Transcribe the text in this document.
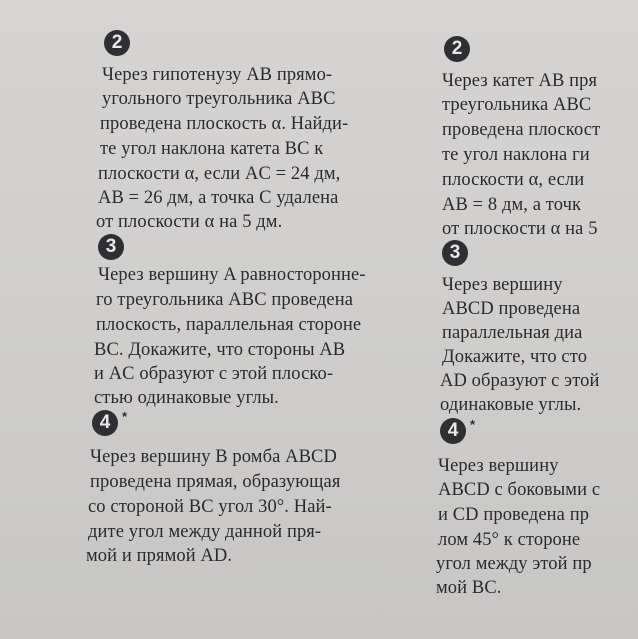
2
Через гипотенузу AB прямо-
угольного треугольника ABC
проведена плоскость α. Найди-
те угол наклона катета BC к
плоскости α, если AC = 24 дм,
AB = 26 дм, а точка C удалена
от плоскости α на 5 дм.
3
Через вершину A равносторонне-
го треугольника ABC проведена
плоскость, параллельная стороне
BC. Докажите, что стороны AB
и AC образуют с этой плоско-
стью одинаковые углы.
4 *
Через вершину B ромба ABCD
проведена прямая, образующая
со стороной BC угол 30°. Най-
дите угол между данной пря-
мой и прямой AD.
2
Через катет AB пря
треугольника ABC
проведена плоскост
те угол наклона ги
плоскости α, если
AB = 8 дм, а точк
от плоскости α на 5
3
Через вершину
ABCD проведена
параллельная диа
Докажите, что сто
AD образуют с этой
одинаковые углы.
4 *
Через вершину
ABCD с боковыми с
и CD проведена пр
лом 45° к стороне
угол между этой пр
мой BC.
